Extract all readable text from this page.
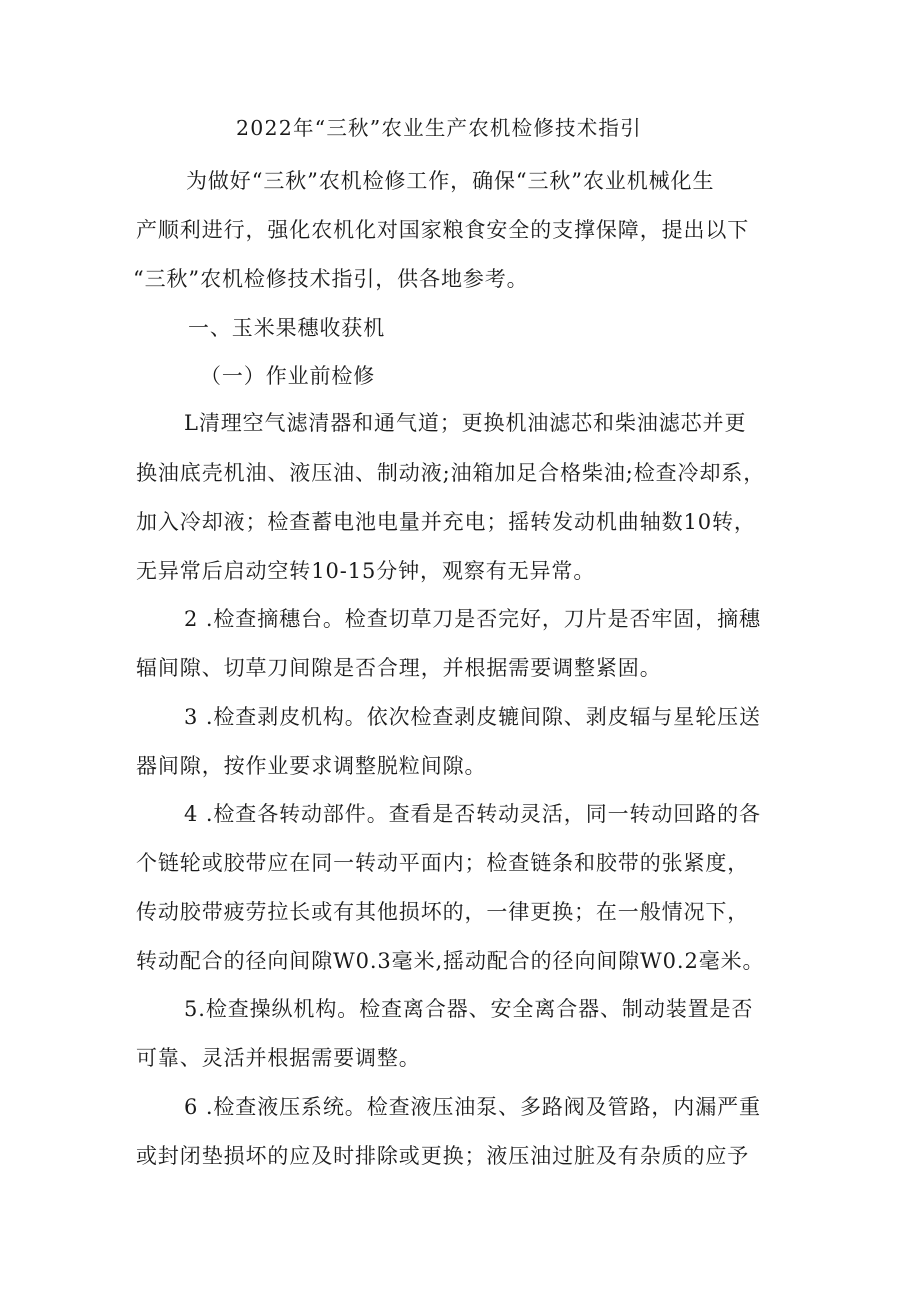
2022年“三秋”农业生产农机检修技术指引
为做好“三秋”农机检修工作，确保“三秋”农业机械化生
产顺利进行，强化农机化对国家粮食安全的支撑保障，提出以下
“三秋”农机检修技术指引，供各地参考。
一、玉米果穗收获机
（一）作业前检修
L清理空气滤清器和通气道；更换机油滤芯和柴油滤芯并更
换油底壳机油、液压油、制动液;油箱加足合格柴油;检查冷却系，
加入冷却液；检查蓄电池电量并充电；摇转发动机曲轴数10转，
无异常后启动空转10-15分钟，观察有无异常。
2 .检查摘穗台。检查切草刀是否完好，刀片是否牢固，摘穗
辐间隙、切草刀间隙是否合理，并根据需要调整紧固。
3 .检查剥皮机构。依次检查剥皮辘间隙、剥皮辐与星轮压送
器间隙，按作业要求调整脱粒间隙。
4 .检查各转动部件。查看是否转动灵活，同一转动回路的各
个链轮或胶带应在同一转动平面内；检查链条和胶带的张紧度，
传动胶带疲劳拉长或有其他损坏的，一律更换；在一般情况下，
转动配合的径向间隙W0.3毫米,摇动配合的径向间隙W0.2毫米。
5.检查操纵机构。检查离合器、安全离合器、制动装置是否
可靠、灵活并根据需要调整。
6 .检查液压系统。检查液压油泵、多路阀及管路，内漏严重
或封闭垫损坏的应及时排除或更换；液压油过脏及有杂质的应予
